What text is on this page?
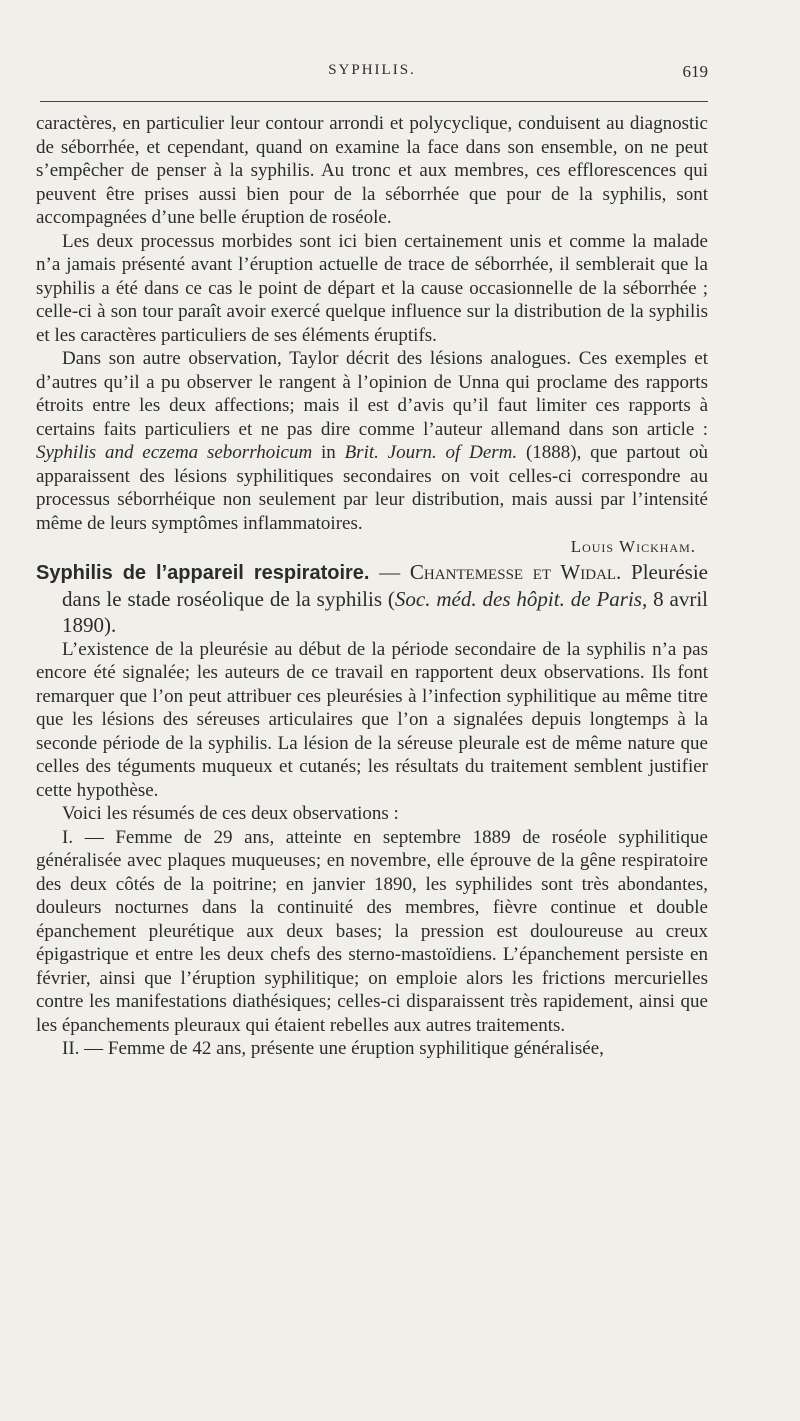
SYPHILIS.	619

caractères, en particulier leur contour arrondi et polycyclique, conduisent au diagnostic de séborrhée, et cependant, quand on examine la face dans son ensemble, on ne peut s’empêcher de penser à la syphilis. Au tronc et aux membres, ces efflorescences qui peuvent être prises aussi bien pour de la séborrhée que pour de la syphilis, sont accompagnées d’une belle éruption de roséole.

Les deux processus morbides sont ici bien certainement unis et comme la malade n’a jamais présenté avant l’éruption actuelle de trace de séborrhée, il semblerait que la syphilis a été dans ce cas le point de départ et la cause occasionnelle de la séborrhée ; celle-ci à son tour paraît avoir exercé quelque influence sur la distribution de la syphilis et les caractères particuliers de ses éléments éruptifs.

Dans son autre observation, Taylor décrit des lésions analogues. Ces exemples et d’autres qu’il a pu observer le rangent à l’opinion de Unna qui proclame des rapports étroits entre les deux affections; mais il est d’avis qu’il faut limiter ces rapports à certains faits particuliers et ne pas dire comme l’auteur allemand dans son article : Syphilis and eczema seborrhoicum in Brit. Journ. of Derm. (1888), que partout où apparaissent des lésions syphilitiques secondaires on voit celles-ci correspondre au processus séborrhéique non seulement par leur distribution, mais aussi par l’intensité même de leurs symptômes inflammatoires.

Louis Wickham.

Syphilis de l’appareil respiratoire. — Chantemesse et Widal. Pleurésie dans le stade roséolique de la syphilis (Soc. méd. des hôpit. de Paris, 8 avril 1890).

L’existence de la pleurésie au début de la période secondaire de la syphilis n’a pas encore été signalée; les auteurs de ce travail en rapportent deux observations. Ils font remarquer que l’on peut attribuer ces pleurésies à l’infection syphilitique au même titre que les lésions des séreuses articulaires que l’on a signalées depuis longtemps à la seconde période de la syphilis. La lésion de la séreuse pleurale est de même nature que celles des téguments muqueux et cutanés; les résultats du traitement semblent justifier cette hypothèse.

Voici les résumés de ces deux observations :

I. — Femme de 29 ans, atteinte en septembre 1889 de roséole syphilitique généralisée avec plaques muqueuses; en novembre, elle éprouve de la gêne respiratoire des deux côtés de la poitrine; en janvier 1890, les syphilides sont très abondantes, douleurs nocturnes dans la continuité des membres, fièvre continue et double épanchement pleurétique aux deux bases; la pression est douloureuse au creux épigastrique et entre les deux chefs des sterno-mastoïdiens. L’épanchement persiste en février, ainsi que l’éruption syphilitique; on emploie alors les frictions mercurielles contre les manifestations diathésiques; celles-ci disparaissent très rapidement, ainsi que les épanchements pleuraux qui étaient rebelles aux autres traitements.

II. — Femme de 42 ans, présente une éruption syphilitique généralisée,
